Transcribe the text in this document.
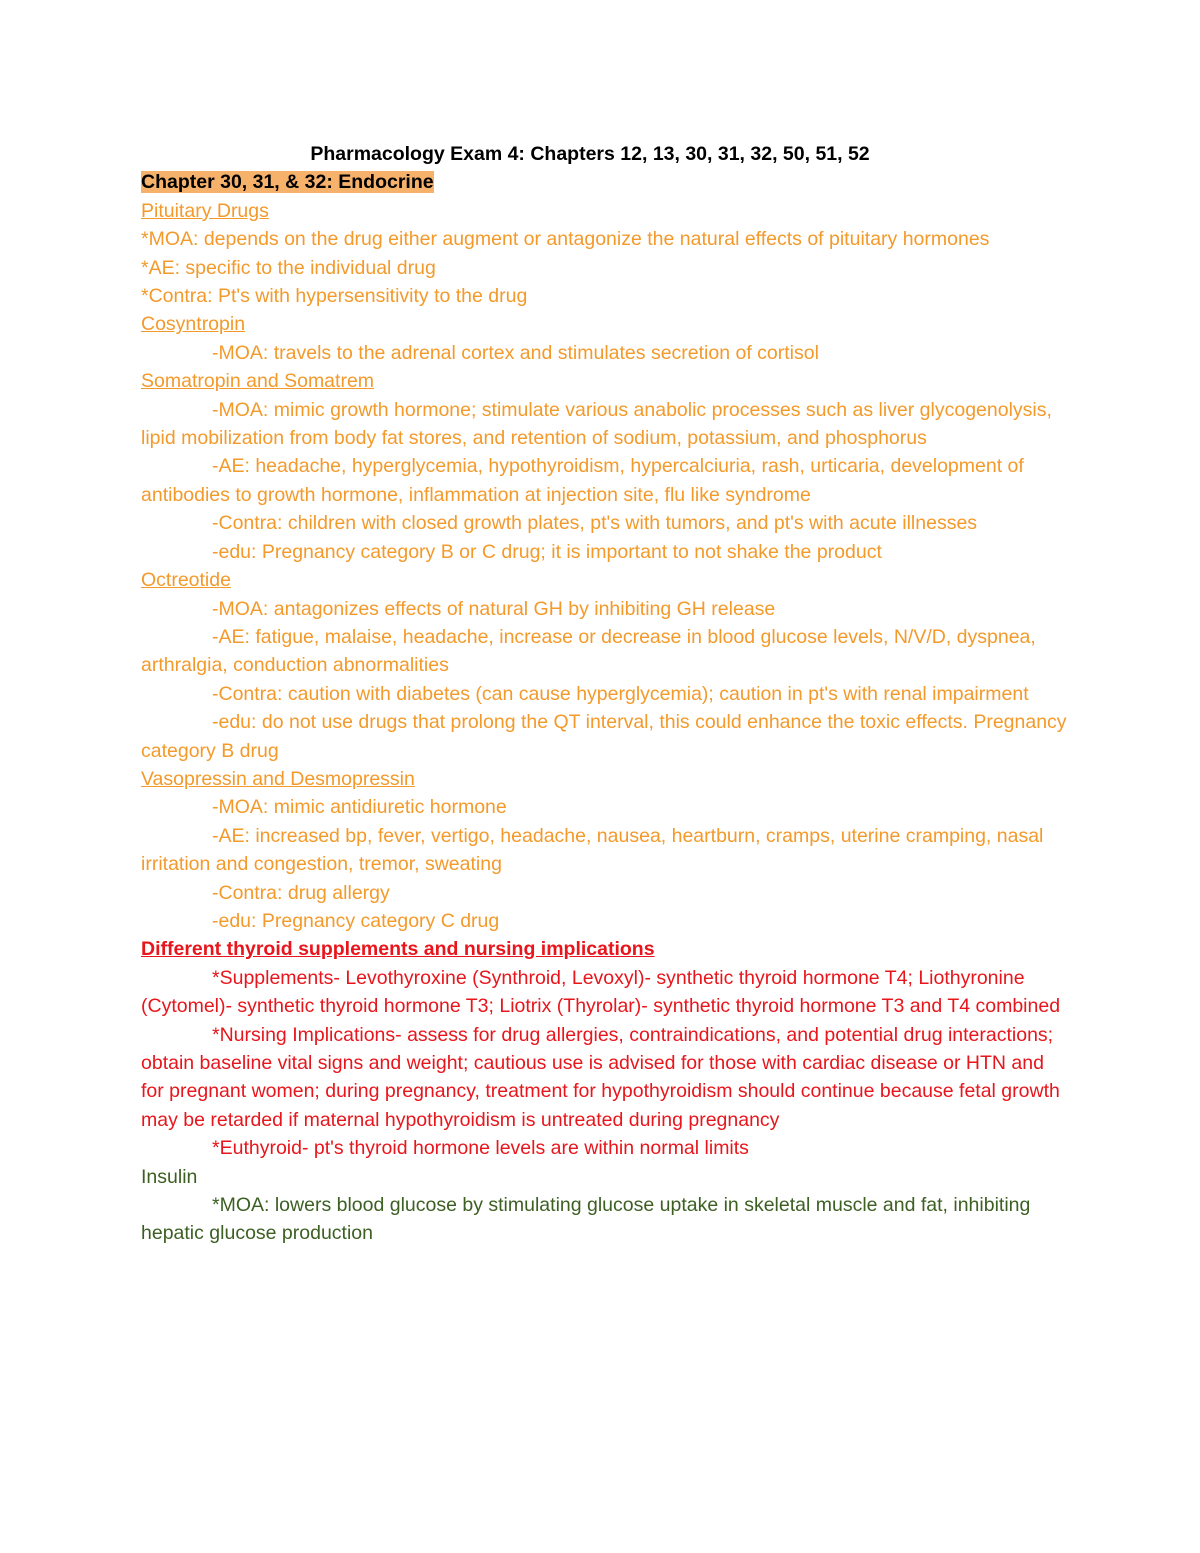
Pharmacology Exam 4: Chapters 12, 13, 30, 31, 32, 50, 51, 52

Chapter 30, 31, & 32: Endocrine

Pituitary Drugs

*MOA: depends on the drug either augment or antagonize the natural effects of pituitary hormones

*AE: specific to the individual drug

*Contra: Pt's with hypersensitivity to the drug

Cosyntropin

-MOA: travels to the adrenal cortex and stimulates secretion of cortisol

Somatropin and Somatrem

-MOA: mimic growth hormone; stimulate various anabolic processes such as liver glycogenolysis, lipid mobilization from body fat stores, and retention of sodium, potassium, and phosphorus

-AE: headache, hyperglycemia, hypothyroidism, hypercalciuria, rash, urticaria, development of antibodies to growth hormone, inflammation at injection site, flu like syndrome

-Contra: children with closed growth plates, pt's with tumors, and pt's with acute illnesses

-edu: Pregnancy category B or C drug; it is important to not shake the product

Octreotide

-MOA: antagonizes effects of natural GH by inhibiting GH release

-AE: fatigue, malaise, headache, increase or decrease in blood glucose levels, N/V/D, dyspnea, arthralgia, conduction abnormalities

-Contra: caution with diabetes (can cause hyperglycemia); caution in pt's with renal impairment

-edu: do not use drugs that prolong the QT interval, this could enhance the toxic effects. Pregnancy category B drug

Vasopressin and Desmopressin

-MOA: mimic antidiuretic hormone

-AE: increased bp, fever, vertigo, headache, nausea, heartburn, cramps, uterine cramping, nasal irritation and congestion, tremor, sweating

-Contra: drug allergy

-edu: Pregnancy category C drug

Different thyroid supplements and nursing implications

*Supplements- Levothyroxine (Synthroid, Levoxyl)- synthetic thyroid hormone T4; Liothyronine (Cytomel)- synthetic thyroid hormone T3; Liotrix (Thyrolar)- synthetic thyroid hormone T3 and T4 combined

*Nursing Implications- assess for drug allergies, contraindications, and potential drug interactions; obtain baseline vital signs and weight; cautious use is advised for those with cardiac disease or HTN and for pregnant women; during pregnancy, treatment for hypothyroidism should continue because fetal growth may be retarded if maternal hypothyroidism is untreated during pregnancy

*Euthyroid- pt's thyroid hormone levels are within normal limits

Insulin

*MOA: lowers blood glucose by stimulating glucose uptake in skeletal muscle and fat, inhibiting hepatic glucose production
